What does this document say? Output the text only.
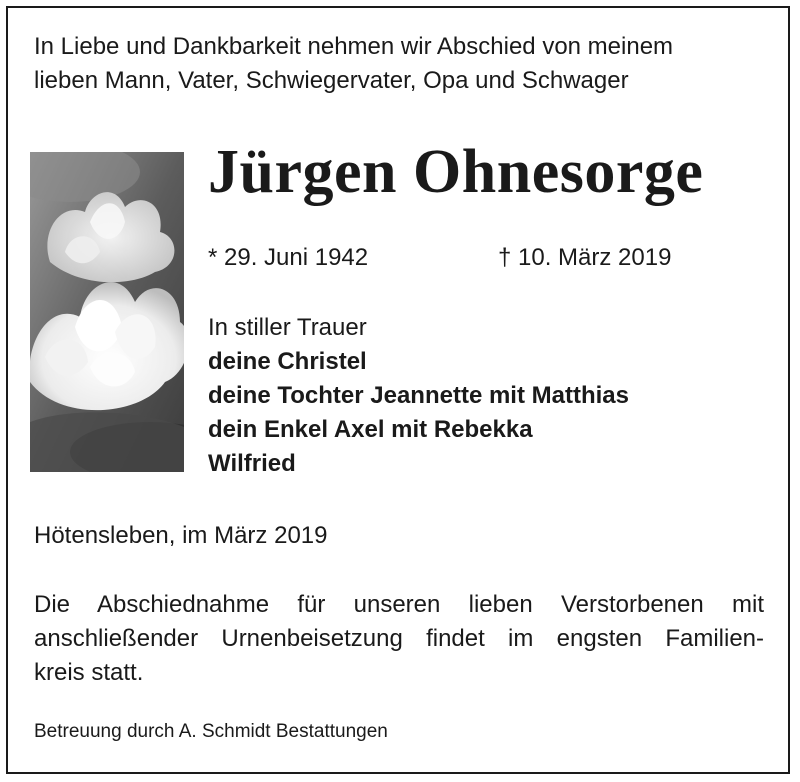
In Liebe und Dankbarkeit nehmen wir Abschied von meinem
lieben Mann, Vater, Schwiegervater, Opa und Schwager
Jürgen Ohnesorge
* 29. Juni 1942	† 10. März 2019
In stiller Trauer
deine Christel
deine Tochter Jeannette mit Matthias
dein Enkel Axel mit Rebekka
Wilfried
Hötensleben, im März 2019
Die Abschiednahme für unseren lieben Verstorbenen mit
anschließender Urnenbeisetzung findet im engsten Familien-
kreis statt.
Betreuung durch A. Schmidt Bestattungen
